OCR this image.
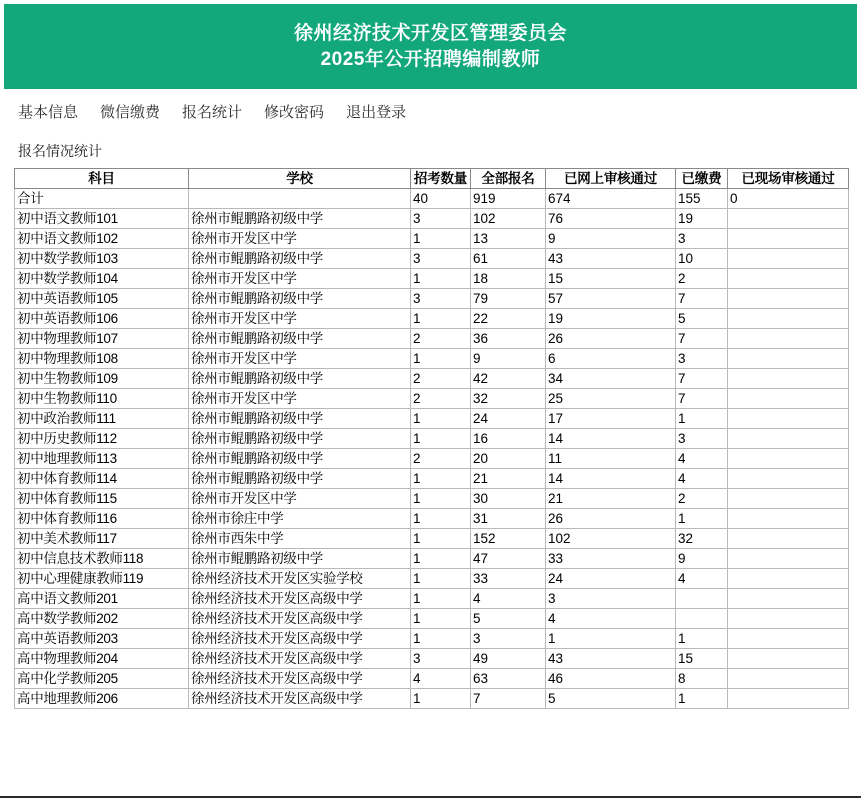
徐州经济技术开发区管理委员会
2025年公开招聘编制教师
基本信息 微信缴费 报名统计 修改密码 退出登录
报名情况统计
科目	学校	招考数量	全部报名	已网上审核通过	已缴费	已现场审核通过
合计		40	919	674	155	0
初中语文教师101	徐州市鲲鹏路初级中学	3	102	76	19	
初中语文教师102	徐州市开发区中学	1	13	9	3	
初中数学教师103	徐州市鲲鹏路初级中学	3	61	43	10	
初中数学教师104	徐州市开发区中学	1	18	15	2	
初中英语教师105	徐州市鲲鹏路初级中学	3	79	57	7	
初中英语教师106	徐州市开发区中学	1	22	19	5	
初中物理教师107	徐州市鲲鹏路初级中学	2	36	26	7	
初中物理教师108	徐州市开发区中学	1	9	6	3	
初中生物教师109	徐州市鲲鹏路初级中学	2	42	34	7	
初中生物教师110	徐州市开发区中学	2	32	25	7	
初中政治教师111	徐州市鲲鹏路初级中学	1	24	17	1	
初中历史教师112	徐州市鲲鹏路初级中学	1	16	14	3	
初中地理教师113	徐州市鲲鹏路初级中学	2	20	11	4	
初中体育教师114	徐州市鲲鹏路初级中学	1	21	14	4	
初中体育教师115	徐州市开发区中学	1	30	21	2	
初中体育教师116	徐州市徐庄中学	1	31	26	1	
初中美术教师117	徐州市西朱中学	1	152	102	32	
初中信息技术教师118	徐州市鲲鹏路初级中学	1	47	33	9	
初中心理健康教师119	徐州经济技术开发区实验学校	1	33	24	4	
高中语文教师201	徐州经济技术开发区高级中学	1	4	3		
高中数学教师202	徐州经济技术开发区高级中学	1	5	4		
高中英语教师203	徐州经济技术开发区高级中学	1	3	1	1	
高中物理教师204	徐州经济技术开发区高级中学	3	49	43	15	
高中化学教师205	徐州经济技术开发区高级中学	4	63	46	8	
高中地理教师206	徐州经济技术开发区高级中学	1	7	5	1	
